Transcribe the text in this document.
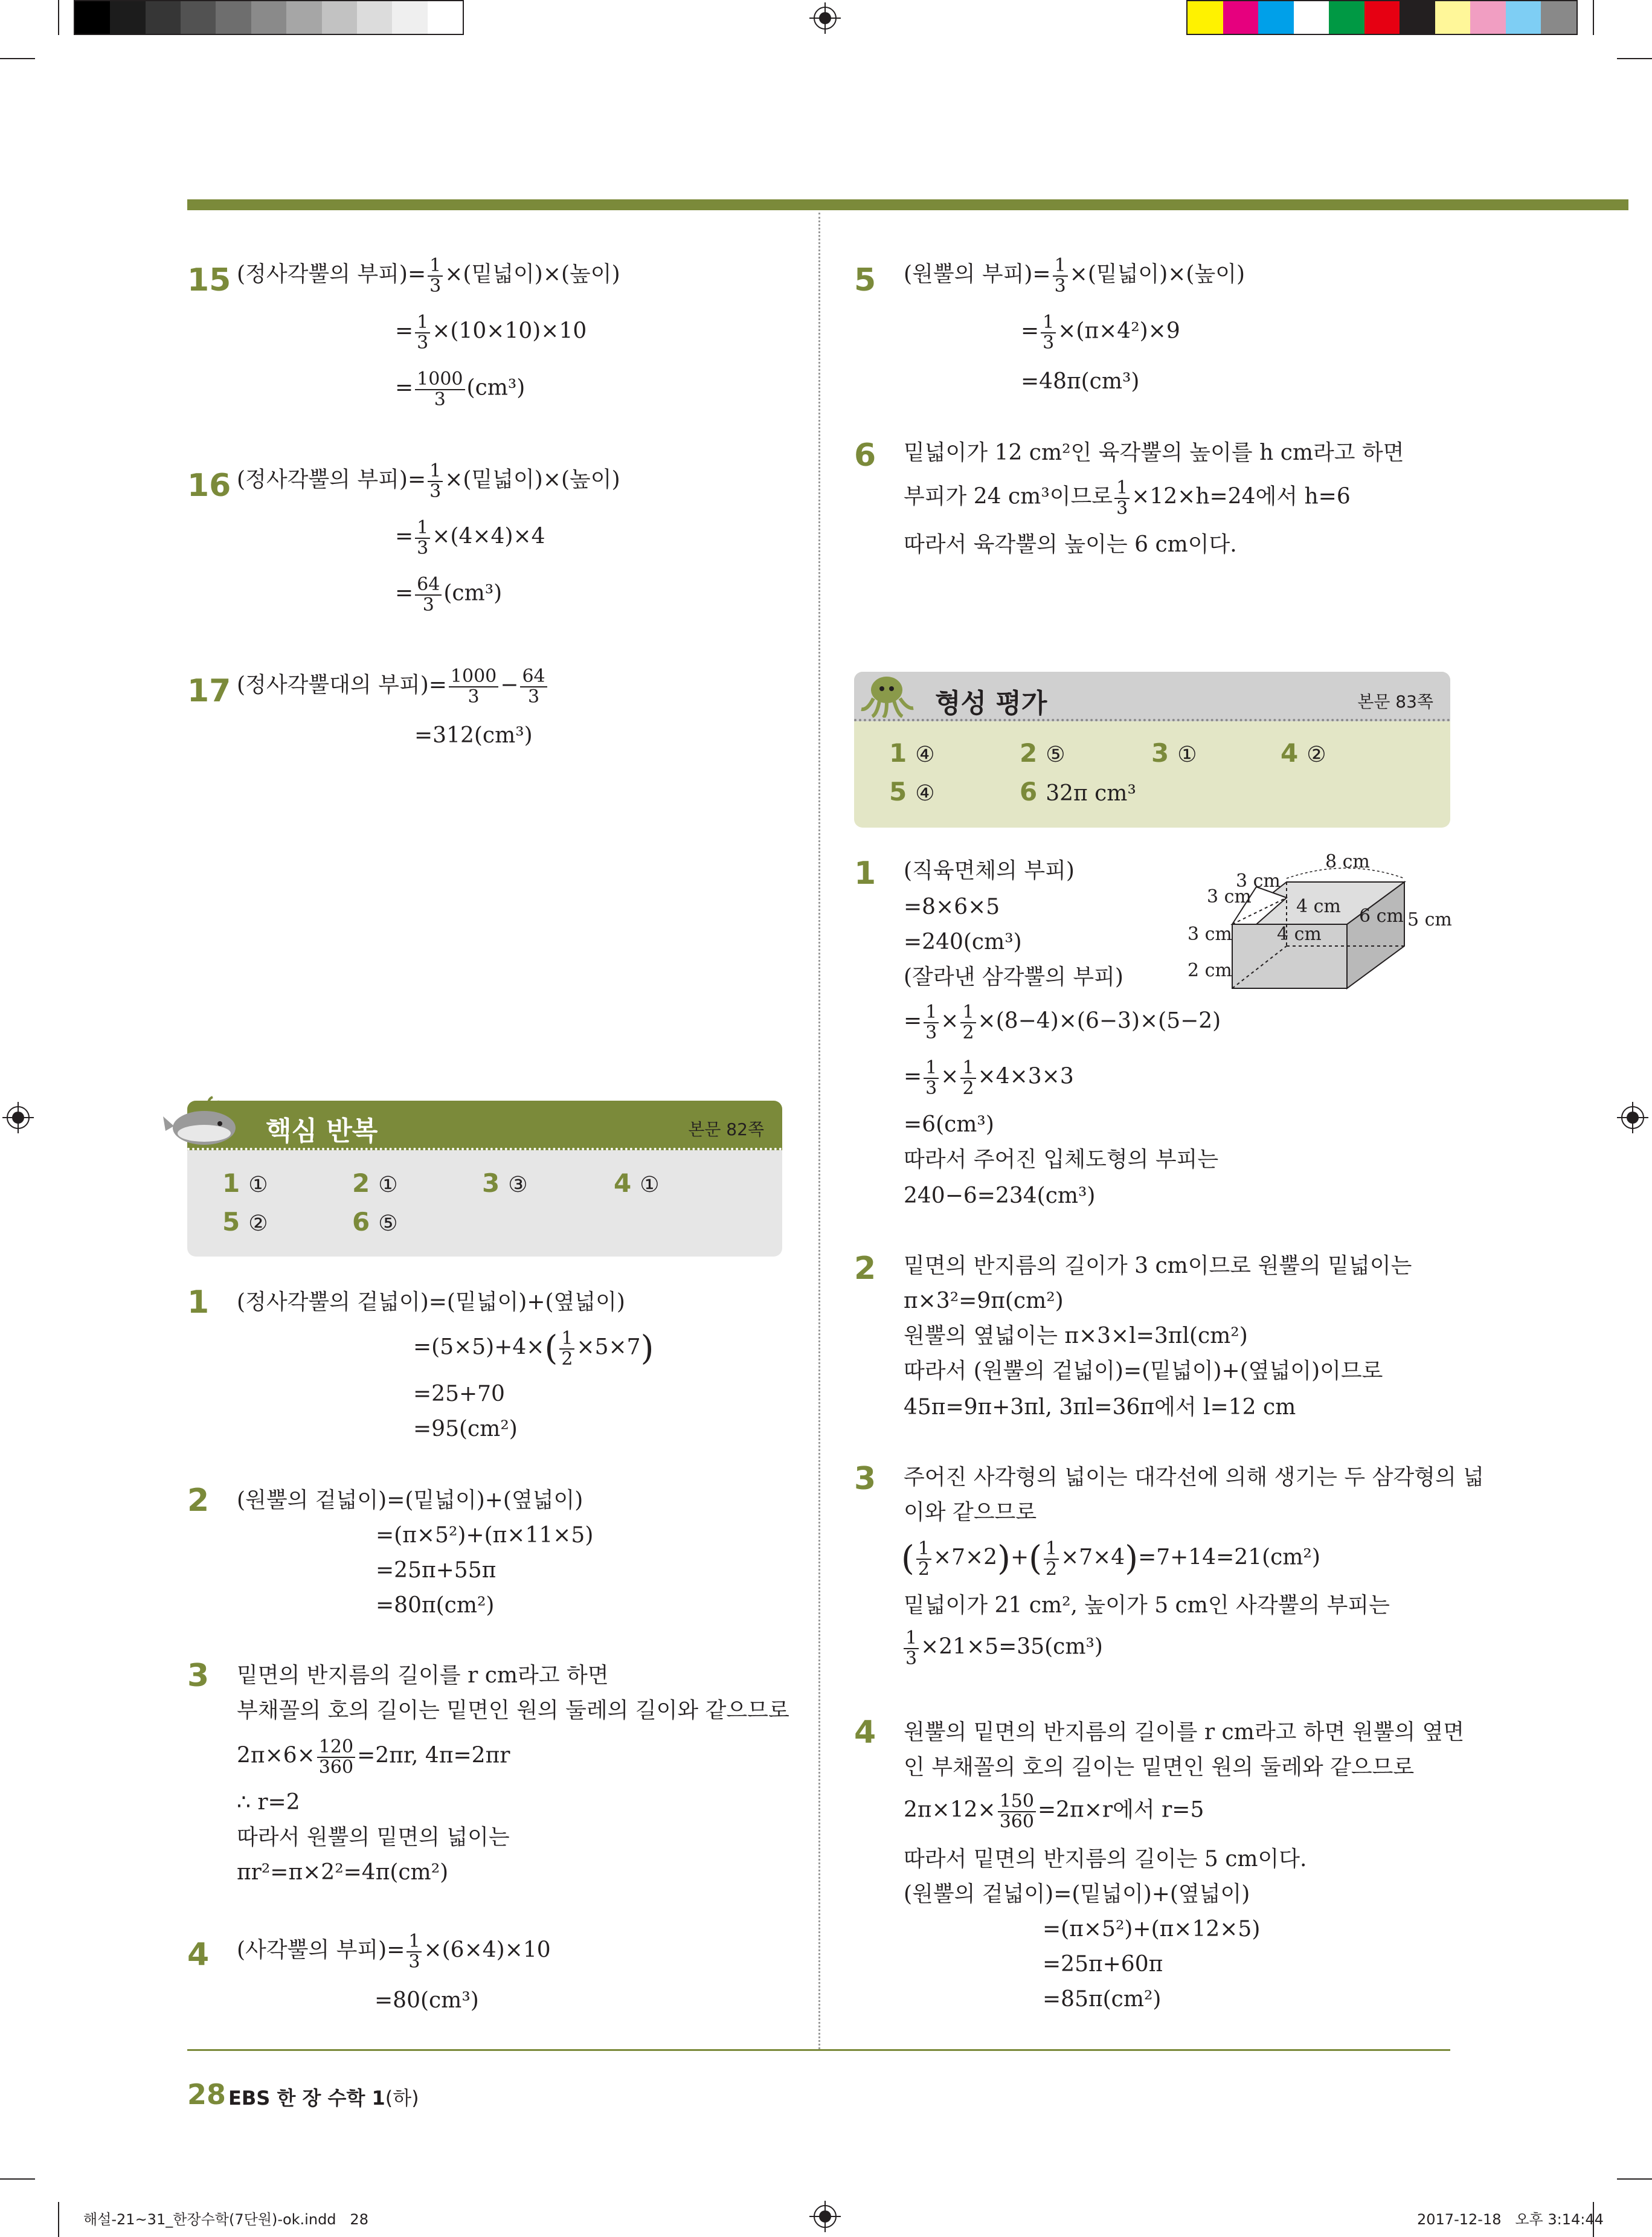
15 (정사각뿔의 부피)= $\frac{1}{3}$ ×(밑넓이)×(높이)
= $\frac{1}{3} \times(10\times 10)\times 10$
= $\frac{1000}{3} (cm^3)$
16 (정사각뿔의 부피)= $\frac{1}{3}$ ×(밑넓이)×(높이)
= $\frac{1}{3} \times(4\times 4)\times 4$
= $\frac{64}{3} (cm^3)$
17 (정사각뿔대의 부피)= $\frac{1000}{3} - \frac{64}{3}$
=312(cm³)
핵심 반복	본문 82쪽
1 ①	2 ①	3 ③	4 ①
5 ②	6 ⑤
1 (정사각뿔의 겉넓이)=(밑넓이)+(옆넓이)
$=(5\times 5)+4\times( \frac{1}{2} \times 5\times 7)$
=25+70
=95(cm²)
2 (원뿔의 겉넓이)=(밑넓이)+(옆넓이)
=(π×5²)+(π×11×5)
=25π+55π
=80π(cm²)
3 밑면의 반지름의 길이를 r cm라고 하면
부채꼴의 호의 길이는 밑면인 원의 둘레의 길이와 같으므로
$2\pi\times 6\times \frac{120}{360} =2\pi r$, 4π=2πr
∴ r=2
따라서 원뿔의 밑면의 넓이는
πr²=π×2²=4π(cm²)
4 (사각뿔의 부피)= $\frac{1}{3} \times(6\times 4)\times 10$
=80(cm³)
5 (원뿔의 부피)= $\frac{1}{3}$ ×(밑넓이)×(높이)
= $\frac{1}{3} \times(\pi\times 4^2)\times 9$
=48π(cm³)
6 밑넓이가 12 cm²인 육각뿔의 높이를 h cm라고 하면
부피가 24 cm³이므로 $\frac{1}{3} \times 12\times h=24$에서 h=6
따라서 육각뿔의 높이는 6 cm이다.
형성 평가	본문 83쪽
1 ④	2 ⑤	3 ①	4 ②
5 ④	6 32π cm³
1 (직육면체의 부피)
=8×6×5
=240(cm³)
(잘라낸 삼각뿔의 부피)
= $\frac{1}{3} \times \frac{1}{2} \times(8-4)\times(6-3)\times(5-2)$
= $\frac{1}{3} \times \frac{1}{2} \times 4\times 3\times 3$
=6(cm³)
따라서 주어진 입체도형의 부피는
240−6=234(cm³)
8 cm
3 cm
3 cm 4 cm 6 cm 5 cm
3 cm 4 cm
2 cm
2 밑면의 반지름의 길이가 3 cm이므로 원뿔의 밑넓이는
π×3²=9π(cm²)
원뿔의 옆넓이는 π×3×l=3πl(cm²)
따라서 (원뿔의 겉넓이)=(밑넓이)+(옆넓이)이므로
45π=9π+3πl, 3πl=36π에서 l=12 cm
3 주어진 사각형의 넓이는 대각선에 의해 생기는 두 삼각형의 넓
이와 같으므로
( $\frac{1}{2} \times 7\times 2)+( \frac{1}{2} \times 7\times 4)=7+14=21(cm^2)$
밑넓이가 21 cm², 높이가 5 cm인 사각뿔의 부피는
$\frac{1}{3} \times 21\times 5=35(cm^3)$
4 원뿔의 밑면의 반지름의 길이를 r cm라고 하면 원뿔의 옆면
인 부채꼴의 호의 길이는 밑면인 원의 둘레와 같으므로
$2\pi\times 12\times \frac{150}{360} =2\pi\times r$에서 r=5
따라서 밑면의 반지름의 길이는 5 cm이다.
(원뿔의 겉넓이)=(밑넓이)+(옆넓이)
=(π×5²)+(π×12×5)
=25π+60π
=85π(cm²)
28 EBS 한 장 수학 1(하)
해설-21~31_한장수학(7단원)-ok.indd   28	2017-12-18   오후 3:14:44
